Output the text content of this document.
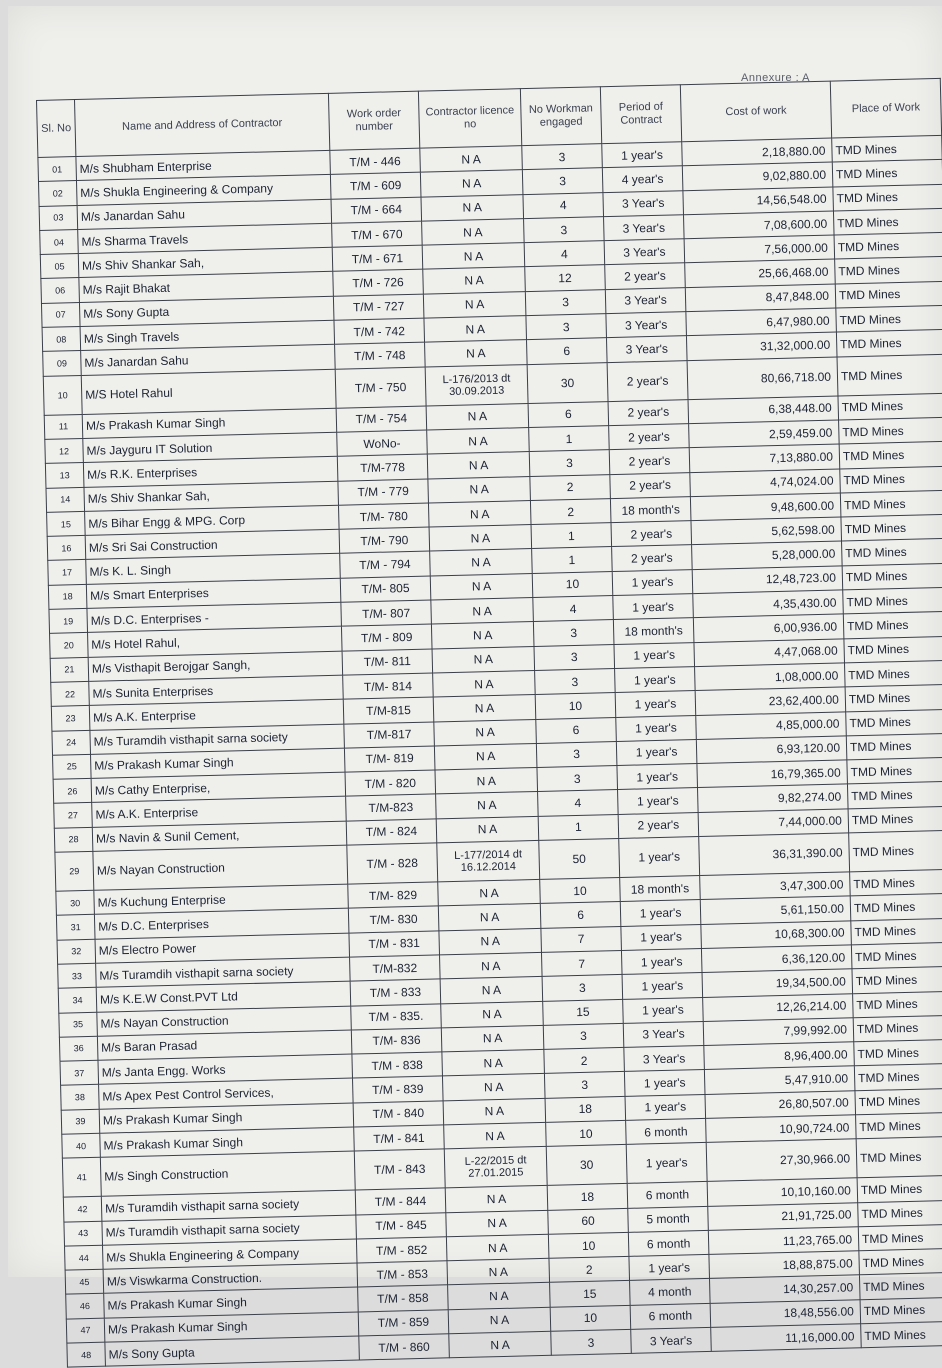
Annexure : A
Sl. No	Name and Address of Contractor	Work order number	Contractor licence no	No Workman engaged	Period of Contract	Cost of work	Place of Work
01	M/s Shubham Enterprise	T/M - 446	N A	3	1 year's	2,18,880.00	TMD Mines
02	M/s Shukla Engineering & Company	T/M - 609	N A	3	4 year's	9,02,880.00	TMD Mines
03	M/s Janardan Sahu	T/M - 664	N A	4	3 Year's	14,56,548.00	TMD Mines
04	M/s Sharma Travels	T/M - 670	N A	3	3 Year's	7,08,600.00	TMD Mines
05	M/s Shiv Shankar Sah,	T/M - 671	N A	4	3 Year's	7,56,000.00	TMD Mines
06	M/s Rajit Bhakat	T/M - 726	N A	12	2 year's	25,66,468.00	TMD Mines
07	M/s Sony Gupta	T/M - 727	N A	3	3 Year's	8,47,848.00	TMD Mines
08	M/s Singh Travels	T/M - 742	N A	3	3 Year's	6,47,980.00	TMD Mines
09	M/s Janardan Sahu	T/M - 748	N A	6	3 Year's	31,32,000.00	TMD Mines
10	M/S Hotel Rahul	T/M - 750	L-176/2013 dt 30.09.2013	30	2 year's	80,66,718.00	TMD Mines
11	M/s Prakash Kumar Singh	T/M - 754	N A	6	2 year's	6,38,448.00	TMD Mines
12	M/s Jayguru IT Solution	WoNo-	N A	1	2 year's	2,59,459.00	TMD Mines
13	M/s R.K. Enterprises	T/M-778	N A	3	2 year's	7,13,880.00	TMD Mines
14	M/s Shiv Shankar Sah,	T/M - 779	N A	2	2 year's	4,74,024.00	TMD Mines
15	M/s Bihar Engg & MPG. Corp	T/M- 780	N A	2	18 month's	9,48,600.00	TMD Mines
16	M/s Sri Sai Construction	T/M- 790	N A	1	2 year's	5,62,598.00	TMD Mines
17	M/s K. L. Singh	T/M - 794	N A	1	2 year's	5,28,000.00	TMD Mines
18	M/s Smart Enterprises	T/M- 805	N A	10	1 year's	12,48,723.00	TMD Mines
19	M/s D.C. Enterprises -	T/M- 807	N A	4	1 year's	4,35,430.00	TMD Mines
20	M/s Hotel Rahul,	T/M - 809	N A	3	18 month's	6,00,936.00	TMD Mines
21	M/s Visthapit Berojgar Sangh,	T/M- 811	N A	3	1 year's	4,47,068.00	TMD Mines
22	M/s Sunita Enterprises	T/M- 814	N A	3	1 year's	1,08,000.00	TMD Mines
23	M/s A.K. Enterprise	T/M-815	N A	10	1 year's	23,62,400.00	TMD Mines
24	M/s Turamdih visthapit sarna society	T/M-817	N A	6	1 year's	4,85,000.00	TMD Mines
25	M/s Prakash Kumar Singh	T/M- 819	N A	3	1 year's	6,93,120.00	TMD Mines
26	M/s Cathy Enterprise,	T/M - 820	N A	3	1 year's	16,79,365.00	TMD Mines
27	M/s A.K. Enterprise	T/M-823	N A	4	1 year's	9,82,274.00	TMD Mines
28	M/s Navin & Sunil Cement,	T/M - 824	N A	1	2 year's	7,44,000.00	TMD Mines
29	M/s Nayan Construction	T/M - 828	L-177/2014 dt 16.12.2014	50	1 year's	36,31,390.00	TMD Mines
30	M/s Kuchung Enterprise	T/M- 829	N A	10	18 month's	3,47,300.00	TMD Mines
31	M/s D.C. Enterprises	T/M- 830	N A	6	1 year's	5,61,150.00	TMD Mines
32	M/s Electro Power	T/M - 831	N A	7	1 year's	10,68,300.00	TMD Mines
33	M/s Turamdih visthapit sarna society	T/M-832	N A	7	1 year's	6,36,120.00	TMD Mines
34	M/s K.E.W Const.PVT Ltd	T/M - 833	N A	3	1 year's	19,34,500.00	TMD Mines
35	M/s Nayan Construction	T/M - 835.	N A	15	1 year's	12,26,214.00	TMD Mines
36	M/s Baran Prasad	T/M- 836	N A	3	3 Year's	7,99,992.00	TMD Mines
37	M/s Janta Engg. Works	T/M - 838	N A	2	3 Year's	8,96,400.00	TMD Mines
38	M/s Apex Pest Control Services,	T/M - 839	N A	3	1 year's	5,47,910.00	TMD Mines
39	M/s Prakash Kumar Singh	T/M - 840	N A	18	1 year's	26,80,507.00	TMD Mines
40	M/s Prakash Kumar Singh	T/M - 841	N A	10	6 month	10,90,724.00	TMD Mines
41	M/s Singh Construction	T/M - 843	L-22/2015 dt 27.01.2015	30	1 year's	27,30,966.00	TMD Mines
42	M/s Turamdih visthapit sarna society	T/M - 844	N A	18	6 month	10,10,160.00	TMD Mines
43	M/s Turamdih visthapit sarna society	T/M - 845	N A	60	5 month	21,91,725.00	TMD Mines
44	M/s Shukla Engineering & Company	T/M - 852	N A	10	6 month	11,23,765.00	TMD Mines
45	M/s Viswkarma Construction.	T/M - 853	N A	2	1 year's	18,88,875.00	TMD Mines
46	M/s Prakash Kumar Singh	T/M - 858	N A	15	4 month	14,30,257.00	TMD Mines
47	M/s Prakash Kumar Singh	T/M - 859	N A	10	6 month	18,48,556.00	TMD Mines
48	M/s Sony Gupta	T/M - 860	N A	3	3 Year's	11,16,000.00	TMD Mines
